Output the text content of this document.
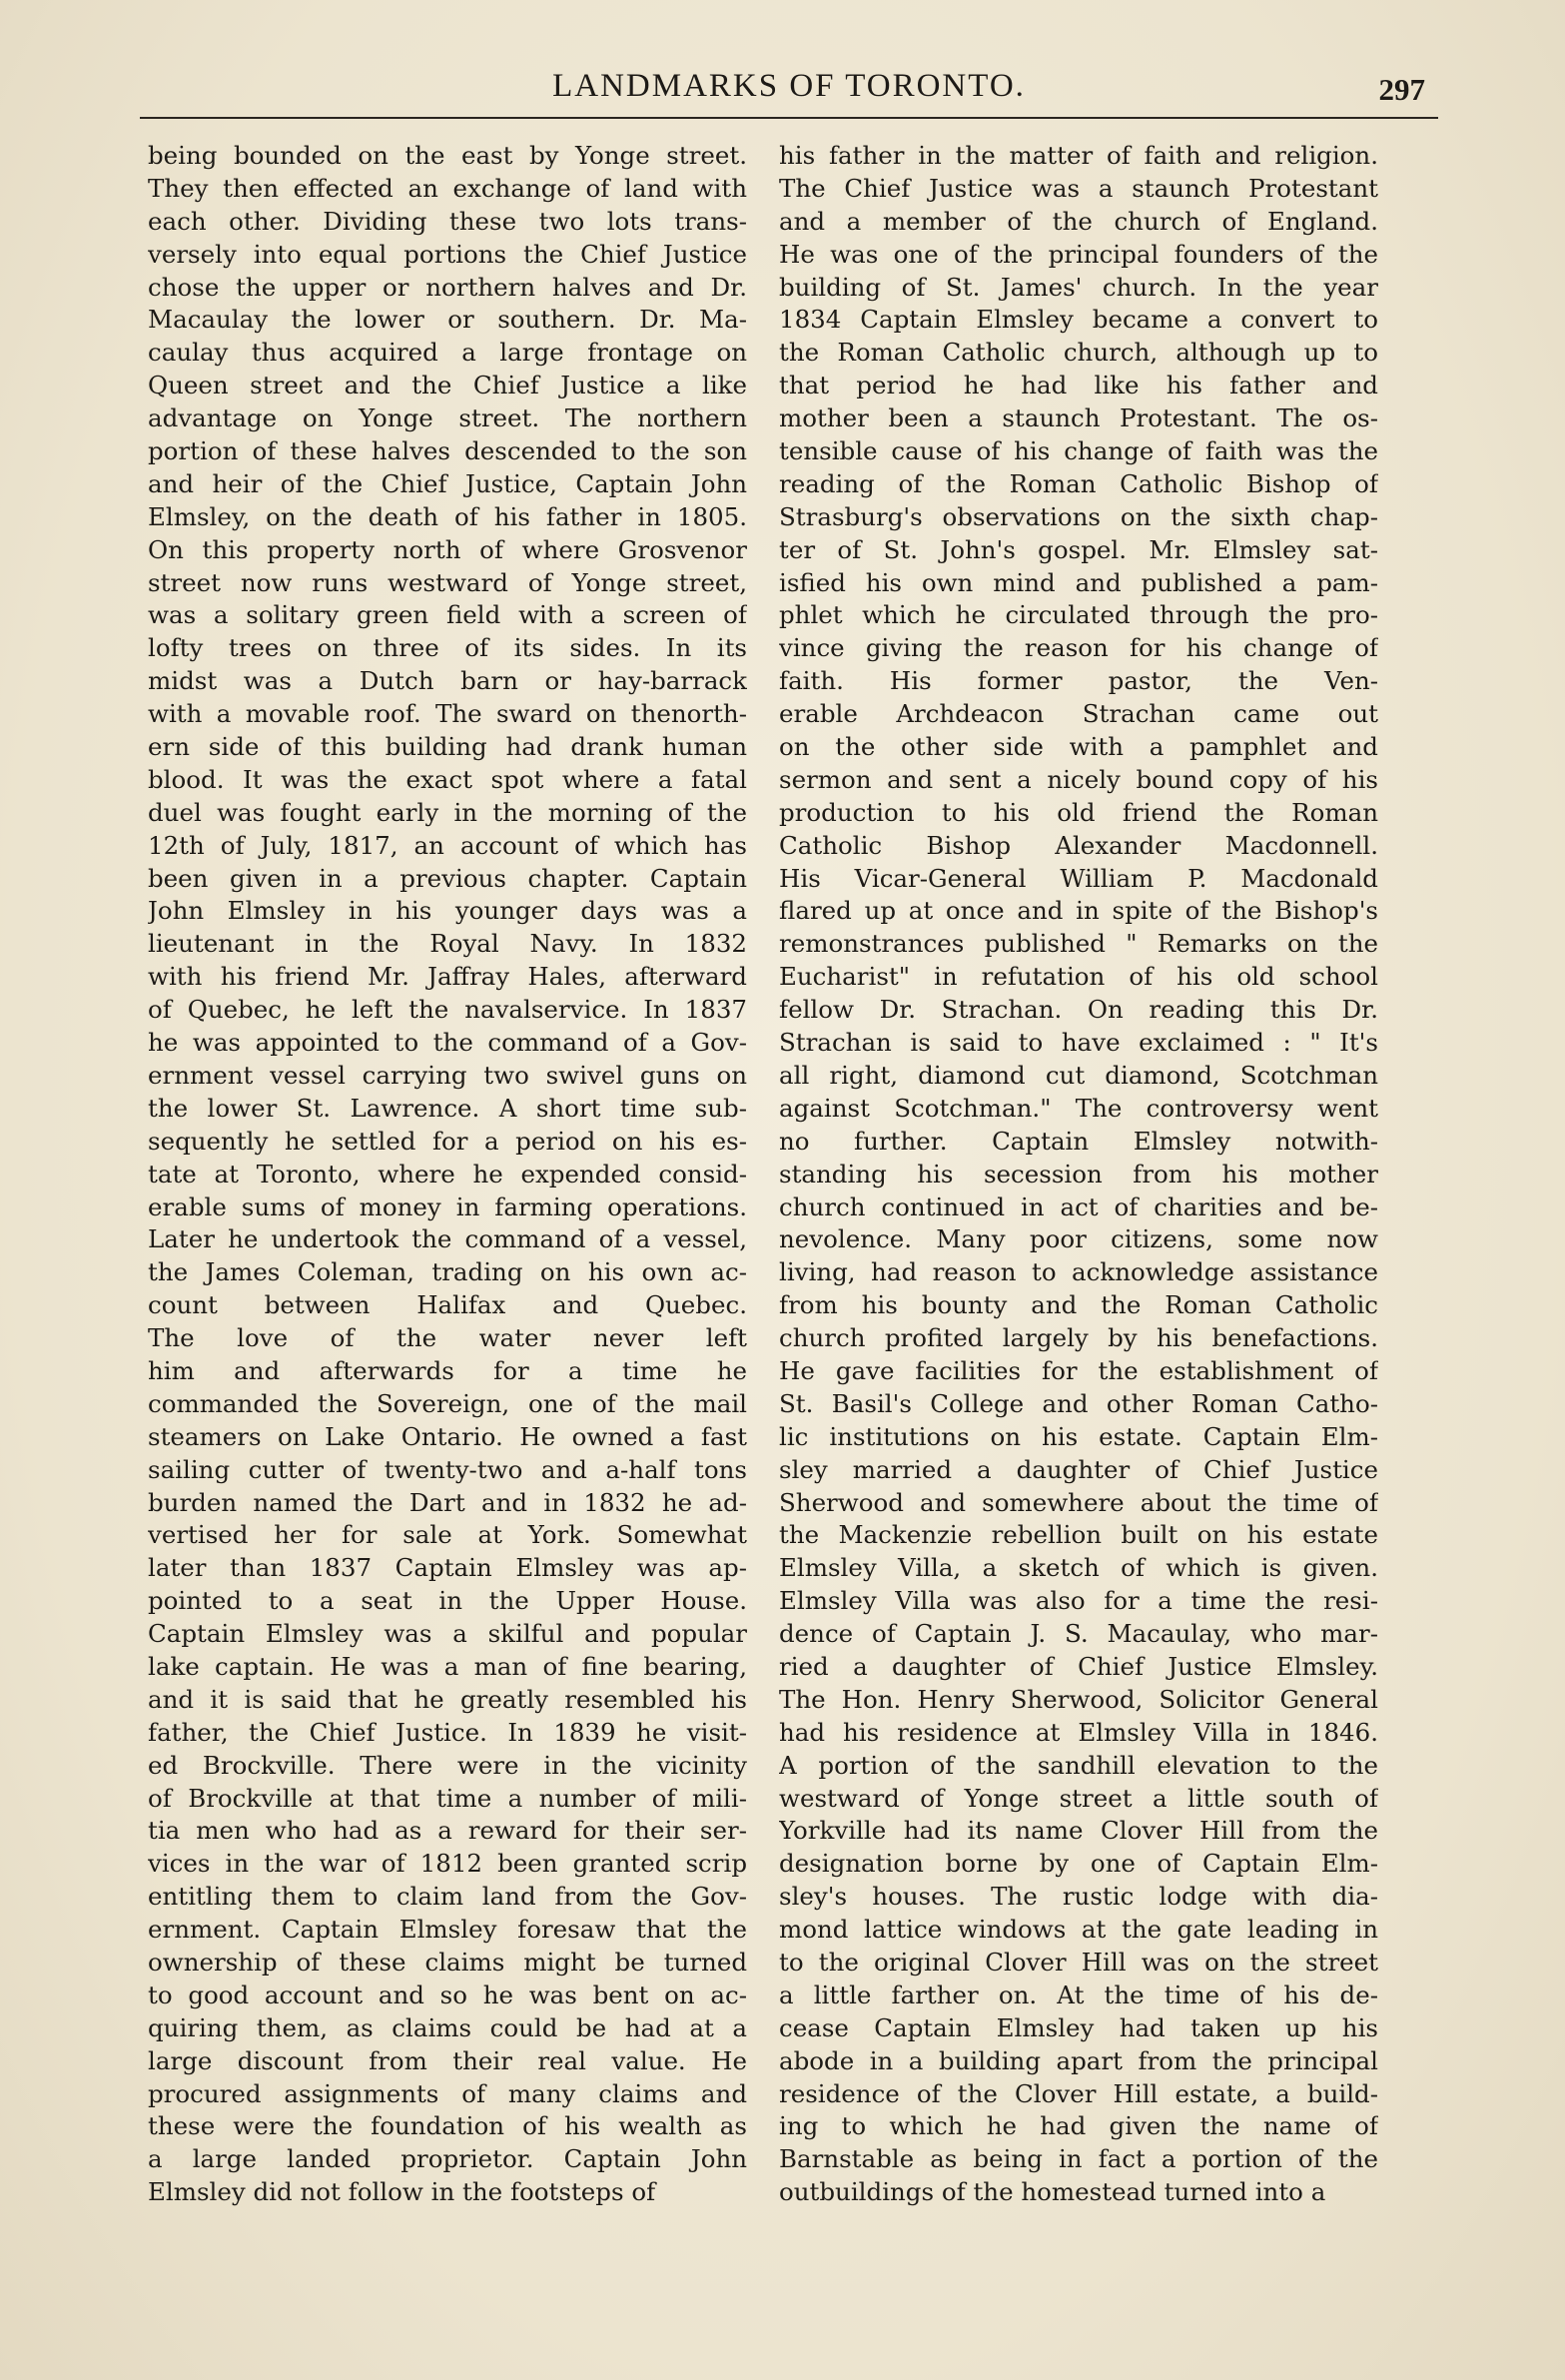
LANDMARKS OF TORONTO.	297
being bounded on the east by Yonge street.
They then effected an exchange of land with
each other. Dividing these two lots trans-
versely into equal portions the Chief Justice
chose the upper or northern halves and Dr.
Macaulay the lower or southern. Dr. Ma-
caulay thus acquired a large frontage on
Queen street and the Chief Justice a like
advantage on Yonge street. The northern
portion of these halves descended to the son
and heir of the Chief Justice, Captain John
Elmsley, on the death of his father in 1805.
On this property north of where Grosvenor
street now runs westward of Yonge street,
was a solitary green field with a screen of
lofty trees on three of its sides. In its
midst was a Dutch barn or hay-barrack
with a movable roof. The sward on thenorth-
ern side of this building had drank human
blood. It was the exact spot where a fatal
duel was fought early in the morning of the
12th of July, 1817, an account of which has
been given in a previous chapter. Captain
John Elmsley in his younger days was a
lieutenant in the Royal Navy. In 1832
with his friend Mr. Jaffray Hales, afterward
of Quebec, he left the navalservice. In 1837
he was appointed to the command of a Gov-
ernment vessel carrying two swivel guns on
the lower St. Lawrence. A short time sub-
sequently he settled for a period on his es-
tate at Toronto, where he expended consid-
erable sums of money in farming operations.
Later he undertook the command of a vessel,
the James Coleman, trading on his own ac-
count between Halifax and Quebec.
The love of the water never left
him and afterwards for a time he
commanded the Sovereign, one of the mail
steamers on Lake Ontario. He owned a fast
sailing cutter of twenty-two and a-half tons
burden named the Dart and in 1832 he ad-
vertised her for sale at York. Somewhat
later than 1837 Captain Elmsley was ap-
pointed to a seat in the Upper House.
Captain Elmsley was a skilful and popular
lake captain. He was a man of fine bearing,
and it is said that he greatly resembled his
father, the Chief Justice. In 1839 he visit-
ed Brockville. There were in the vicinity
of Brockville at that time a number of mili-
tia men who had as a reward for their ser-
vices in the war of 1812 been granted scrip
entitling them to claim land from the Gov-
ernment. Captain Elmsley foresaw that the
ownership of these claims might be turned
to good account and so he was bent on ac-
quiring them, as claims could be had at a
large discount from their real value. He
procured assignments of many claims and
these were the foundation of his wealth as
a large landed proprietor. Captain John
Elmsley did not follow in the footsteps of
his father in the matter of faith and religion.
The Chief Justice was a staunch Protestant
and a member of the church of England.
He was one of the principal founders of the
building of St. James' church. In the year
1834 Captain Elmsley became a convert to
the Roman Catholic church, although up to
that period he had like his father and
mother been a staunch Protestant. The os-
tensible cause of his change of faith was the
reading of the Roman Catholic Bishop of
Strasburg's observations on the sixth chap-
ter of St. John's gospel. Mr. Elmsley sat-
isfied his own mind and published a pam-
phlet which he circulated through the pro-
vince giving the reason for his change of
faith. His former pastor, the Ven-
erable Archdeacon Strachan came out
on the other side with a pamphlet and
sermon and sent a nicely bound copy of his
production to his old friend the Roman
Catholic Bishop Alexander Macdonnell.
His Vicar-General William P. Macdonald
flared up at once and in spite of the Bishop's
remonstrances published " Remarks on the
Eucharist" in refutation of his old school
fellow Dr. Strachan. On reading this Dr.
Strachan is said to have exclaimed : " It's
all right, diamond cut diamond, Scotchman
against Scotchman." The controversy went
no further. Captain Elmsley notwith-
standing his secession from his mother
church continued in act of charities and be-
nevolence. Many poor citizens, some now
living, had reason to acknowledge assistance
from his bounty and the Roman Catholic
church profited largely by his benefactions.
He gave facilities for the establishment of
St. Basil's College and other Roman Catho-
lic institutions on his estate. Captain Elm-
sley married a daughter of Chief Justice
Sherwood and somewhere about the time of
the Mackenzie rebellion built on his estate
Elmsley Villa, a sketch of which is given.
Elmsley Villa was also for a time the resi-
dence of Captain J. S. Macaulay, who mar-
ried a daughter of Chief Justice Elmsley.
The Hon. Henry Sherwood, Solicitor General
had his residence at Elmsley Villa in 1846.
A portion of the sandhill elevation to the
westward of Yonge street a little south of
Yorkville had its name Clover Hill from the
designation borne by one of Captain Elm-
sley's houses. The rustic lodge with dia-
mond lattice windows at the gate leading in
to the original Clover Hill was on the street
a little farther on. At the time of his de-
cease Captain Elmsley had taken up his
abode in a building apart from the principal
residence of the Clover Hill estate, a build-
ing to which he had given the name of
Barnstable as being in fact a portion of the
outbuildings of the homestead turned into a
